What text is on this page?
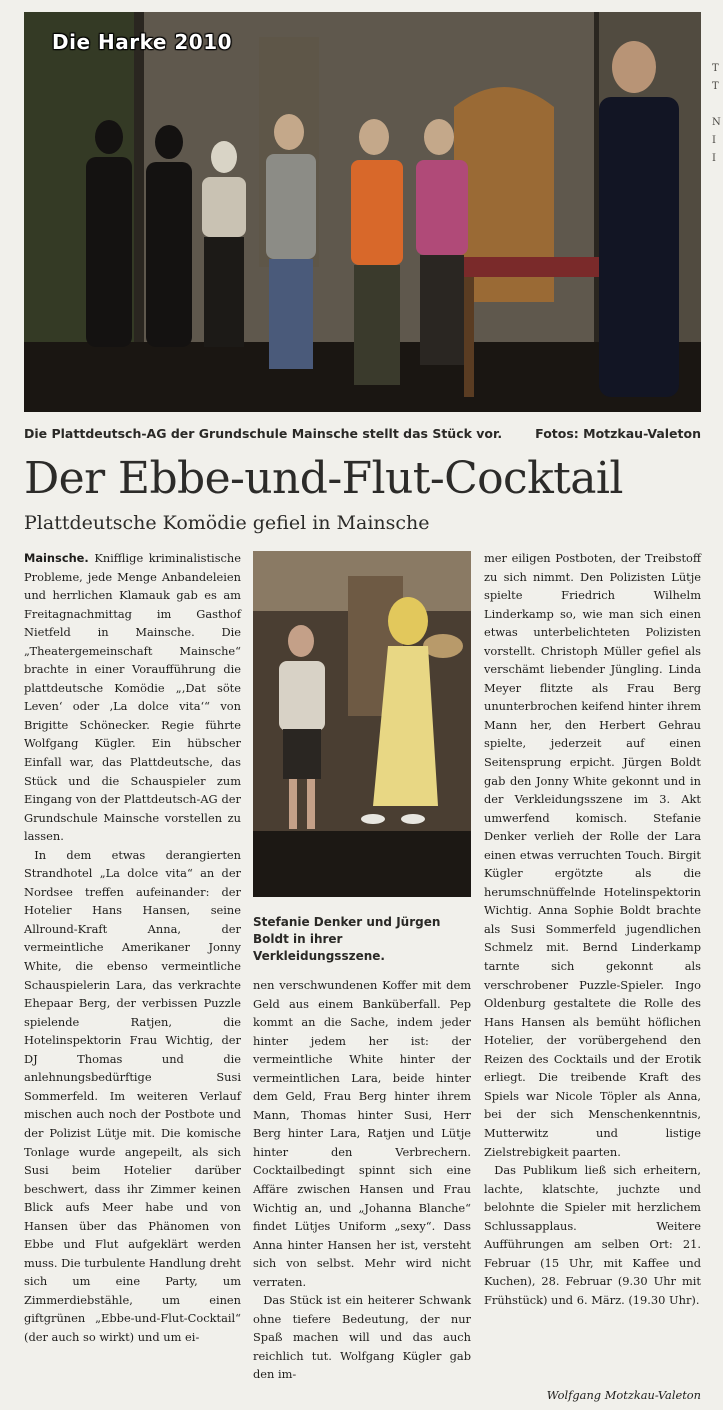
Die Harke 2010
Die Plattdeutsch-AG der Grundschule Mainsche stellt das Stück vor.	Fotos: Motzkau-Valeton
Der Ebbe-und-Flut-Cocktail
Plattdeutsche Komödie gefiel in Mainsche

Mainsche. Knifflige kriminalistische Probleme, jede Menge Anbandeleien und herrlichen Klamauk gab es am Freitagnachmittag im Gasthof Nietfeld in Mainsche. Die „Theatergemeinschaft Mainsche“ brachte in einer Voraufführung die plattdeutsche Komödie „‚Dat söte Leven‘ oder ‚La dolce vita‘“ von Brigitte Schönecker. Regie führte Wolfgang Kügler. Ein hübscher Einfall war, das Plattdeutsche, das Stück und die Schauspieler zum Eingang von der Plattdeutsch-AG der Grundschule Mainsche vorstellen zu lassen.

In dem etwas derangierten Strandhotel „La dolce vita“ an der Nordsee treffen aufeinander: der Hotelier Hans Hansen, seine Allround-Kraft Anna, der vermeintliche Amerikaner Jonny White, die ebenso vermeintliche Schauspielerin Lara, das verkrachte Ehepaar Berg, der verbissen Puzzle spielende Ratjen, die Hotelinspektorin Frau Wichtig, der DJ Thomas und die anlehnungsbedürftige Susi Sommerfeld. Im weiteren Verlauf mischen auch noch der Postbote und der Polizist Lütje mit. Die komische Tonlage wurde angepeilt, als sich Susi beim Hotelier darüber beschwert, dass ihr Zimmer keinen Blick aufs Meer habe und von Hansen über das Phänomen von Ebbe und Flut aufgeklärt werden muss. Die turbulente Handlung dreht sich um eine Party, um Zimmerdiebstähle, um einen giftgrünen „Ebbe-und-Flut-Cocktail“ (der auch so wirkt) und um ei-

Stefanie Denker und Jürgen Boldt in ihrer Verkleidungsszene.

nen verschwundenen Koffer mit dem Geld aus einem Banküberfall. Pep kommt an die Sache, indem jeder hinter jedem her ist: der vermeintliche White hinter der vermeintlichen Lara, beide hinter dem Geld, Frau Berg hinter ihrem Mann, Thomas hinter Susi, Herr Berg hinter Lara, Ratjen und Lütje hinter den Verbrechern. Cocktailbedingt spinnt sich eine Affäre zwischen Hansen und Frau Wichtig an, und „Johanna Blanche“ findet Lütjes Uniform „sexy“. Dass Anna hinter Hansen her ist, versteht sich von selbst. Mehr wird nicht verraten.

Das Stück ist ein heiterer Schwank ohne tiefere Bedeutung, der nur Spaß machen will und das auch reichlich tut. Wolfgang Kügler gab den im-

mer eiligen Postboten, der Treibstoff zu sich nimmt. Den Polizisten Lütje spielte Friedrich Wilhelm Linderkamp so, wie man sich einen etwas unterbelichteten Polizisten vorstellt. Christoph Müller gefiel als verschämt liebender Jüngling. Linda Meyer flitzte als Frau Berg ununterbrochen keifend hinter ihrem Mann her, den Herbert Gehrau spielte, jederzeit auf einen Seitensprung erpicht. Jürgen Boldt gab den Jonny White gekonnt und in der Verkleidungsszene im 3. Akt umwerfend komisch. Stefanie Denker verlieh der Rolle der Lara einen etwas verruchten Touch. Birgit Kügler ergötzte als die herumschnüffelnde Hotelinspektorin Wichtig. Anna Sophie Boldt brachte als Susi Sommerfeld jugendlichen Schmelz mit. Bernd Linderkamp tarnte sich gekonnt als verschrobener Puzzle-Spieler. Ingo Oldenburg gestaltete die Rolle des Hans Hansen als bemüht höflichen Hotelier, der vorübergehend den Reizen des Cocktails und der Erotik erliegt. Die treibende Kraft des Spiels war Nicole Töpler als Anna, bei der sich Menschenkenntnis, Mutterwitz und listige Zielstrebigkeit paarten.

Das Publikum ließ sich erheitern, lachte, klatschte, juchzte und belohnte die Spieler mit herzlichem Schlussapplaus. Weitere Aufführungen am selben Ort: 21. Februar (15 Uhr, mit Kaffee und Kuchen), 28. Februar (9.30 Uhr mit Frühstück) und 6. März. (19.30 Uhr).

Wolfgang Motzkau-Valeton
T
T
N
I
I
